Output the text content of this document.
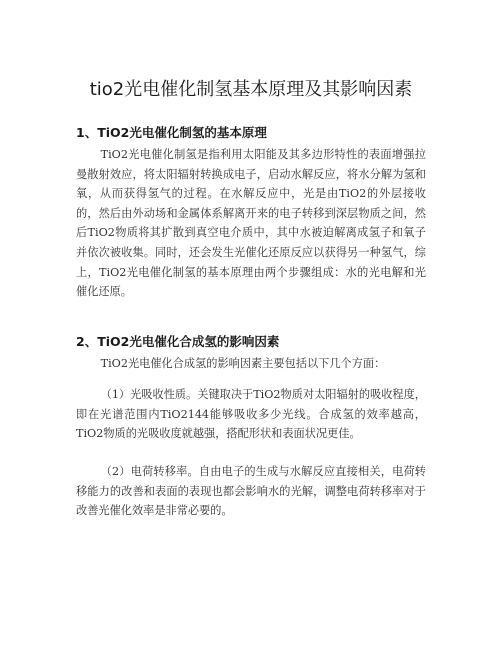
tio2光电催化制氢基本原理及其影响因素
1、TiO2光电催化制氢的基本原理

TiO2光电催化制氢是指利用太阳能及其多边形特性的表面增强拉曼散射效应，将太阳辐射转换成电子，启动水解反应，将水分解为氢和氧，从而获得氢气的过程。在水解反应中，光是由TiO2的外层接收的，然后由外动场和金属体系解离开来的电子转移到深层物质之间，然后TiO2物质将其扩散到真空电介质中，其中水被迫解离成氢子和氧子并依次被收集。同时，还会发生光催化还原反应以获得另一种氢气，综上，TiO2光电催化制氢的基本原理由两个步骤组成：水的光电解和光催化还原。

2、TiO2光电催化合成氢的影响因素

TiO2光电催化合成氢的影响因素主要包括以下几个方面：

（1）光吸收性质。关键取决于TiO2物质对太阳辐射的吸收程度，即在光谱范围内TiO2144能够吸收多少光线。合成氢的效率越高，TiO2物质的光吸收度就越强，搭配形状和表面状况更佳。

（2）电荷转移率。自由电子的生成与水解反应直接相关，电荷转移能力的改善和表面的表现也都会影响水的光解，调整电荷转移率对于改善光催化效率是非常必要的。
